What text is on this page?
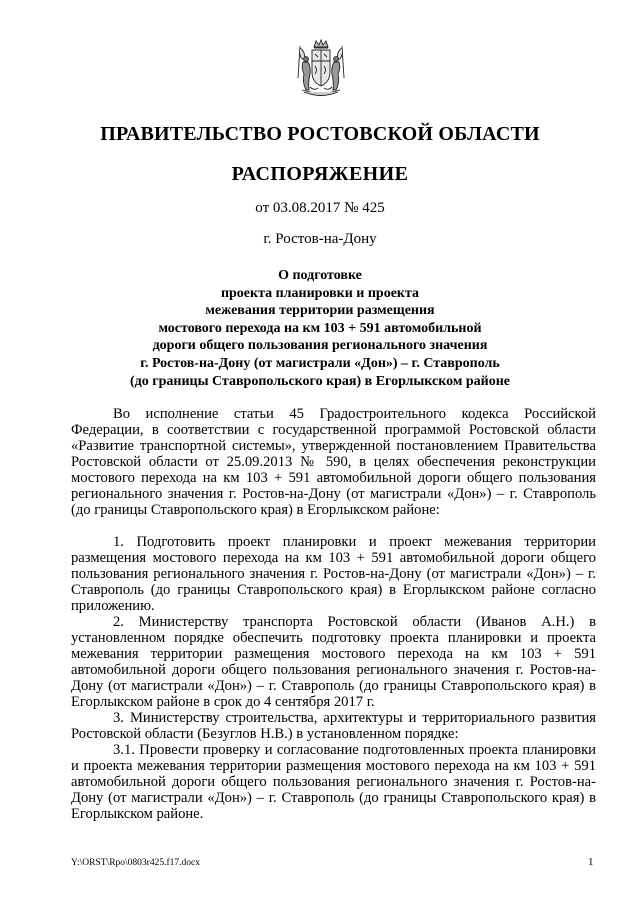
ПРАВИТЕЛЬСТВО РОСТОВСКОЙ ОБЛАСТИ
РАСПОРЯЖЕНИЕ
от 03.08.2017 № 425
г. Ростов-на-Дону
О подготовке
проекта планировки и проекта
межевания территории размещения
мостового перехода на км 103 + 591 автомобильной
дороги общего пользования регионального значения
г. Ростов-на-Дону (от магистрали «Дон») – г. Ставрополь
(до границы Ставропольского края) в Егорлыкском районе

Во исполнение статьи 45 Градостроительного кодекса Российской Федерации, в соответствии с государственной программой Ростовской области «Развитие транспортной системы», утвержденной постановлением Правительства Ростовской области от 25.09.2013 № 590, в целях обеспечения реконструкции мостового перехода на км 103 + 591 автомобильной дороги общего пользования регионального значения г. Ростов-на-Дону (от магистрали «Дон») – г. Ставрополь (до границы Ставропольского края) в Егорлыкском районе:

1. Подготовить проект планировки и проект межевания территории размещения мостового перехода на км 103 + 591 автомобильной дороги общего пользования регионального значения г. Ростов-на-Дону (от магистрали «Дон») – г. Ставрополь (до границы Ставропольского края) в Егорлыкском районе согласно приложению.

2. Министерству транспорта Ростовской области (Иванов А.Н.) в установленном порядке обеспечить подготовку проекта планировки и проекта межевания территории размещения мостового перехода на км 103 + 591 автомобильной дороги общего пользования регионального значения г. Ростов-на-Дону (от магистрали «Дон») – г. Ставрополь (до границы Ставропольского края) в Егорлыкском районе в срок до 4 сентября 2017 г.

3. Министерству строительства, архитектуры и территориального развития Ростовской области (Безуглов Н.В.) в установленном порядке:

3.1. Провести проверку и согласование подготовленных проекта планировки и проекта межевания территории размещения мостового перехода на км 103 + 591 автомобильной дороги общего пользования регионального значения г. Ростов-на-Дону (от магистрали «Дон») – г. Ставрополь (до границы Ставропольского края) в Егорлыкском районе.

Y:\ORST\Rpo\0803r425.f17.docx	1
